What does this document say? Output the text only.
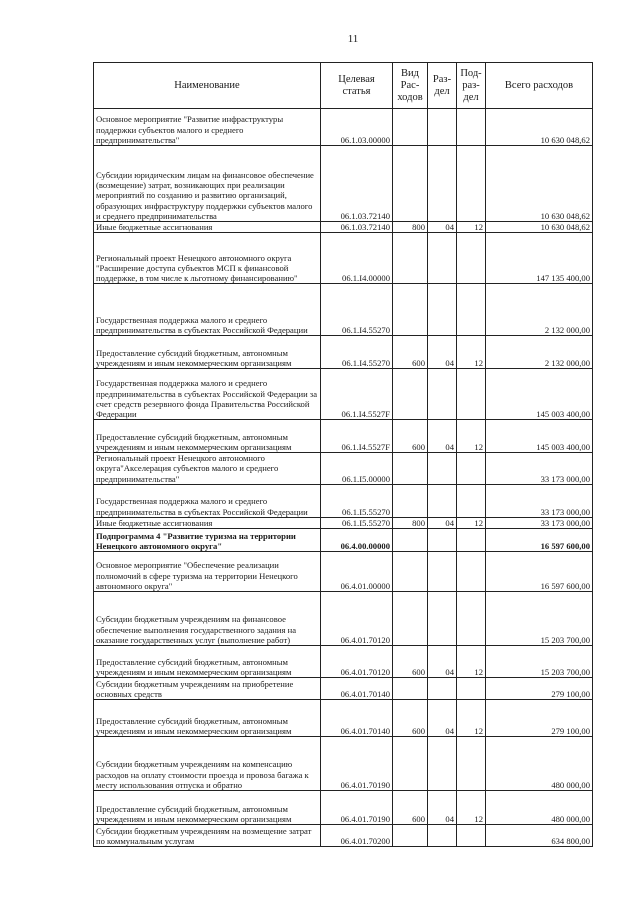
11
Наименование	Целевая статья	Вид Рас- ходов	Раз- дел	Под- раз- дел	Всего расходов
Основное мероприятие "Развитие инфраструктуры поддержки субъектов малого и среднего предпринимательства"	06.1.03.00000				10 630 048,62
Субсидии юридическим лицам на финансовое обеспечение (возмещение) затрат, возникающих при реализации мероприятий по созданию и развитию организаций, образующих инфраструктуру поддержки субъектов малого и среднего предпринимательства	06.1.03.72140				10 630 048,62
Иные бюджетные ассигнования	06.1.03.72140	800	04	12	10 630 048,62
Региональный проект Ненецкого автономного округа "Расширение доступа субъектов МСП к финансовой поддержке, в том числе к льготному финансированию"	06.1.I4.00000				147 135 400,00
Государственная поддержка малого и среднего предпринимательства в субъектах Российской Федерации	06.1.I4.55270				2 132 000,00
Предоставление субсидий бюджетным, автономным учреждениям и иным некоммерческим организациям	06.1.I4.55270	600	04	12	2 132 000,00
Государственная поддержка малого и среднего предпринимательства в субъектах Российской Федерации за счет средств резервного фонда Правительства Российской Федерации	06.1.I4.5527F				145 003 400,00
Предоставление субсидий бюджетным, автономным учреждениям и иным некоммерческим организациям	06.1.I4.5527F	600	04	12	145 003 400,00
Региональный проект Ненецкого автономного округа"Акселерация субъектов малого и среднего предпринимательства"	06.1.I5.00000				33 173 000,00
Государственная поддержка малого и среднего предпринимательства в субъектах Российской Федерации	06.1.I5.55270				33 173 000,00
Иные бюджетные ассигнования	06.1.I5.55270	800	04	12	33 173 000,00
Подпрограмма 4 "Развитие туризма на территории Ненецкого автономного округа"	06.4.00.00000				16 597 600,00
Основное мероприятие "Обеспечение реализации полномочий в сфере туризма на территории Ненецкого автономного округа"	06.4.01.00000				16 597 600,00
Субсидии бюджетным учреждениям на финансовое обеспечение выполнения государственного задания на оказание государственных услуг (выполнение работ)	06.4.01.70120				15 203 700,00
Предоставление субсидий бюджетным, автономным учреждениям и иным некоммерческим организациям	06.4.01.70120	600	04	12	15 203 700,00
Субсидии бюджетным учреждениям на приобретение основных средств	06.4.01.70140				279 100,00
Предоставление субсидий бюджетным, автономным учреждениям и иным некоммерческим организациям	06.4.01.70140	600	04	12	279 100,00
Субсидии бюджетным учреждениям на компенсацию расходов на оплату стоимости проезда и провоза багажа к месту использования отпуска и обратно	06.4.01.70190				480 000,00
Предоставление субсидий бюджетным, автономным учреждениям и иным некоммерческим организациям	06.4.01.70190	600	04	12	480 000,00
Субсидии бюджетным учреждениям на возмещение затрат по коммунальным услугам	06.4.01.70200				634 800,00
